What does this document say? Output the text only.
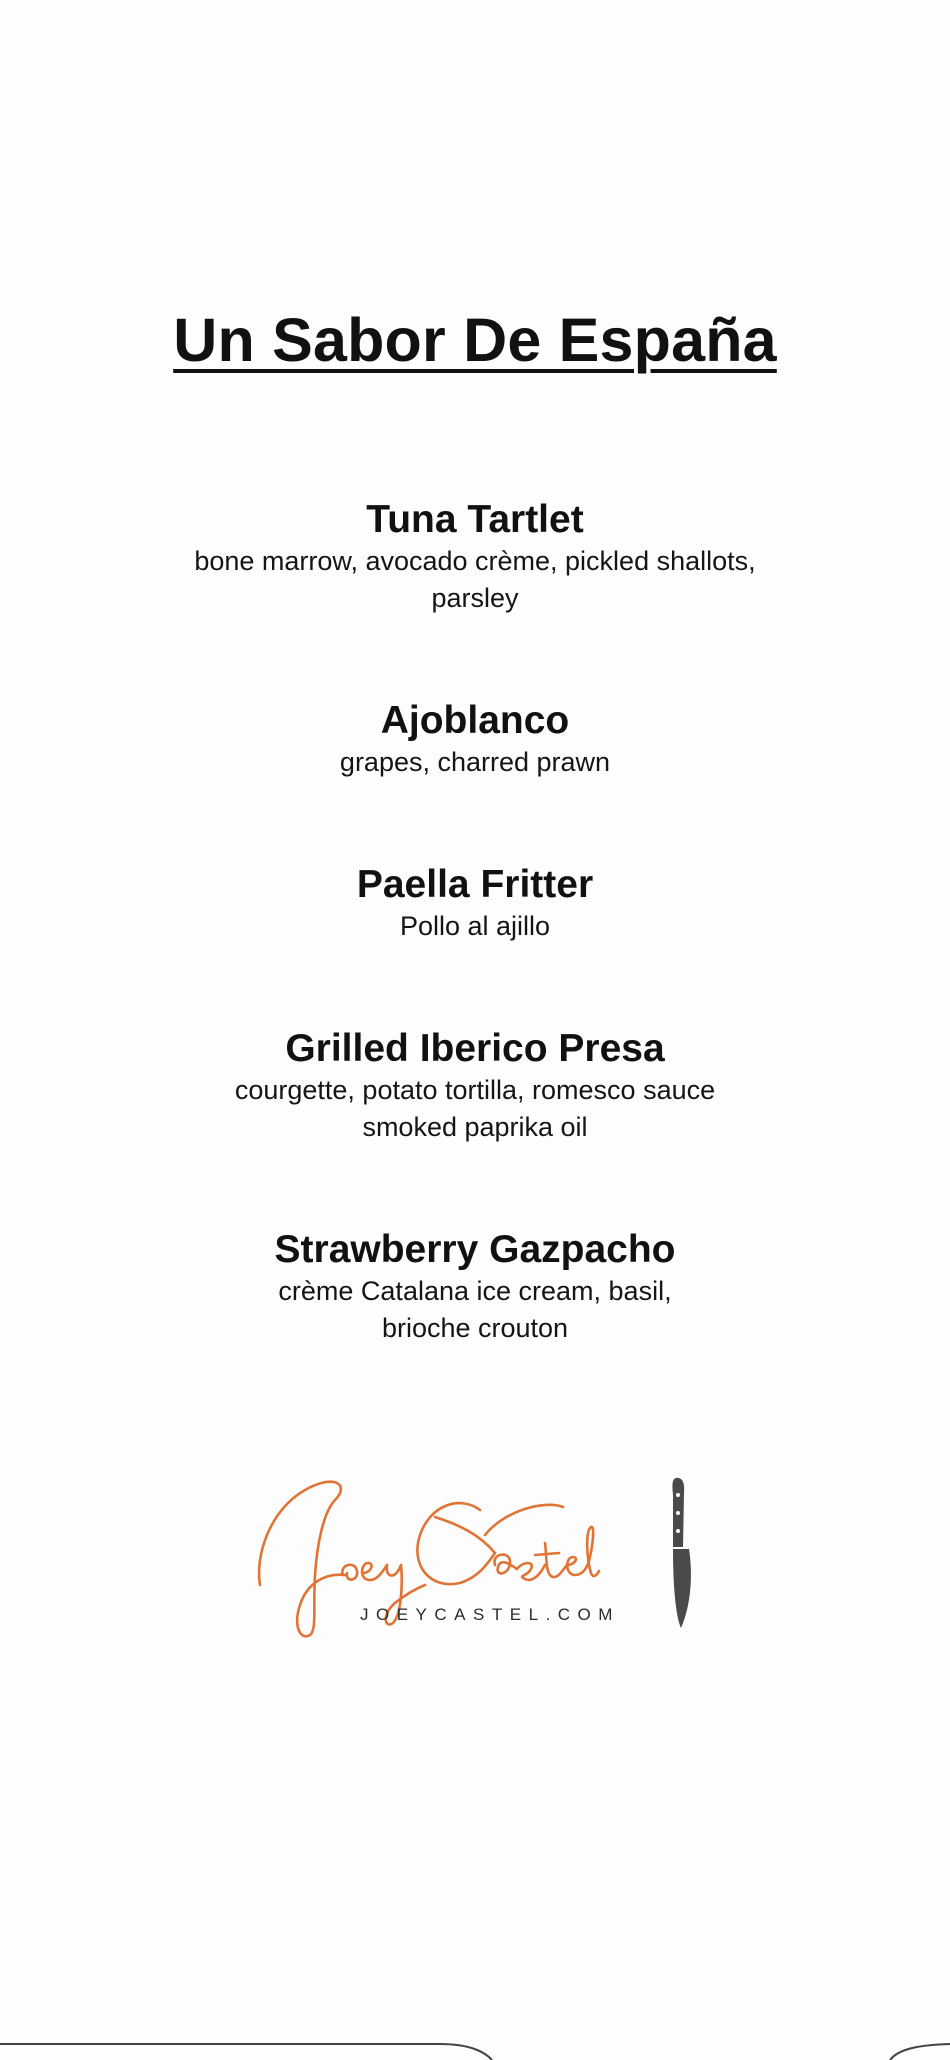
Un Sabor De España

Tuna Tartlet

bone marrow, avocado crème, pickled shallots,
parsley

Ajoblanco

grapes, charred prawn

Paella Fritter

Pollo al ajillo

Grilled Iberico Presa

courgette, potato tortilla, romesco sauce
smoked paprika oil

Strawberry Gazpacho

crème Catalana ice cream, basil,
brioche crouton

JOEYCASTEL.COM
